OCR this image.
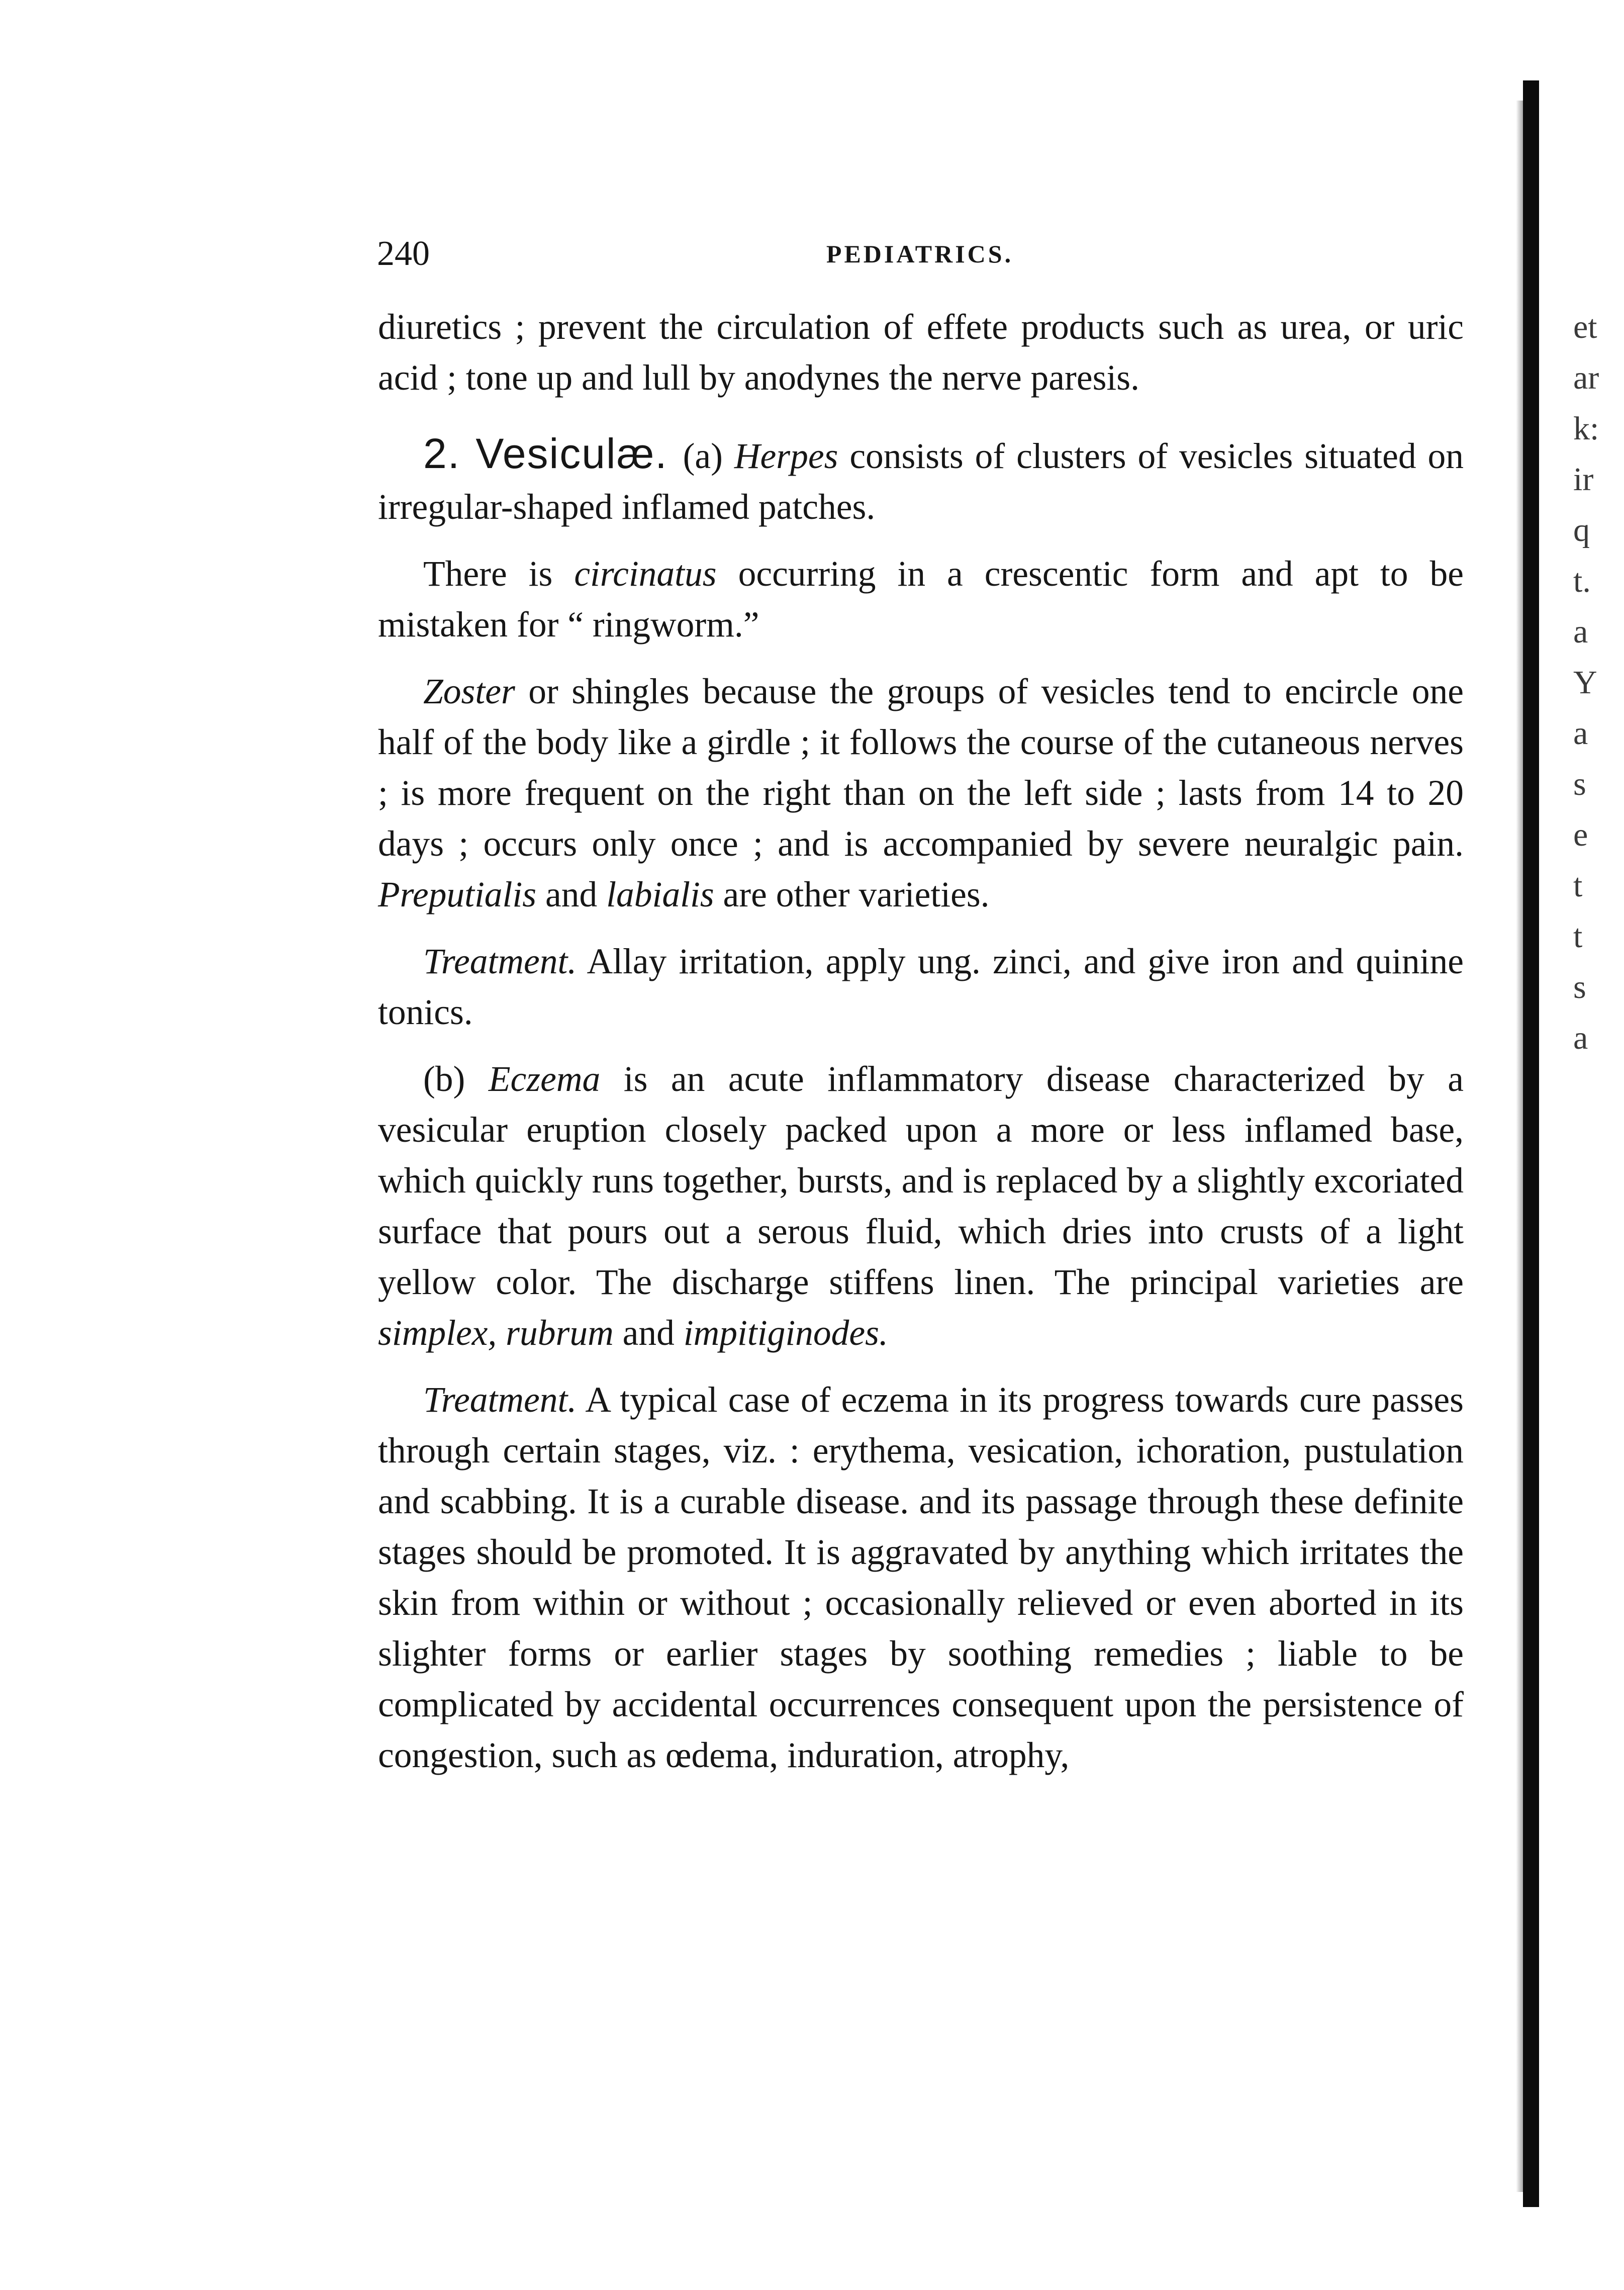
240	PEDIATRICS.

diuretics ; prevent the circulation of effete products such as urea, or uric acid ; tone up and lull by anodynes the nerve paresis.

2. Vesiculæ. (a) Herpes consists of clusters of vesicles situated on irregular-shaped inflamed patches.

There is circinatus occurring in a crescentic form and apt to be mistaken for “ ringworm.”

Zoster or shingles because the groups of vesicles tend to encircle one half of the body like a girdle ; it follows the course of the cutaneous nerves ; is more frequent on the right than on the left side ; lasts from 14 to 20 days ; occurs only once ; and is accompanied by severe neuralgic pain. Preputialis and labialis are other varieties.

Treatment. Allay irritation, apply ung. zinci, and give iron and quinine tonics.

(b) Eczema is an acute inflammatory disease characterized by a vesicular eruption closely packed upon a more or less inflamed base, which quickly runs together, bursts, and is replaced by a slightly excoriated surface that pours out a serous fluid, which dries into crusts of a light yellow color. The discharge stiffens linen. The principal varieties are simplex, rubrum and impitiginodes.

Treatment. A typical case of eczema in its progress towards cure passes through certain stages, viz. : erythema, vesication, ichoration, pustulation and scabbing. It is a curable disease. and its passage through these definite stages should be promoted. It is aggravated by anything which irritates the skin from within or without ; occasionally relieved or even aborted in its slighter forms or earlier stages by soothing remedies ; liable to be complicated by accidental occurrences consequent upon the persistence of congestion, such as œdema, induration, atrophy,

et
ar
k:
ir
q
t.
a
Y
a
s
e
t
t
s
a
